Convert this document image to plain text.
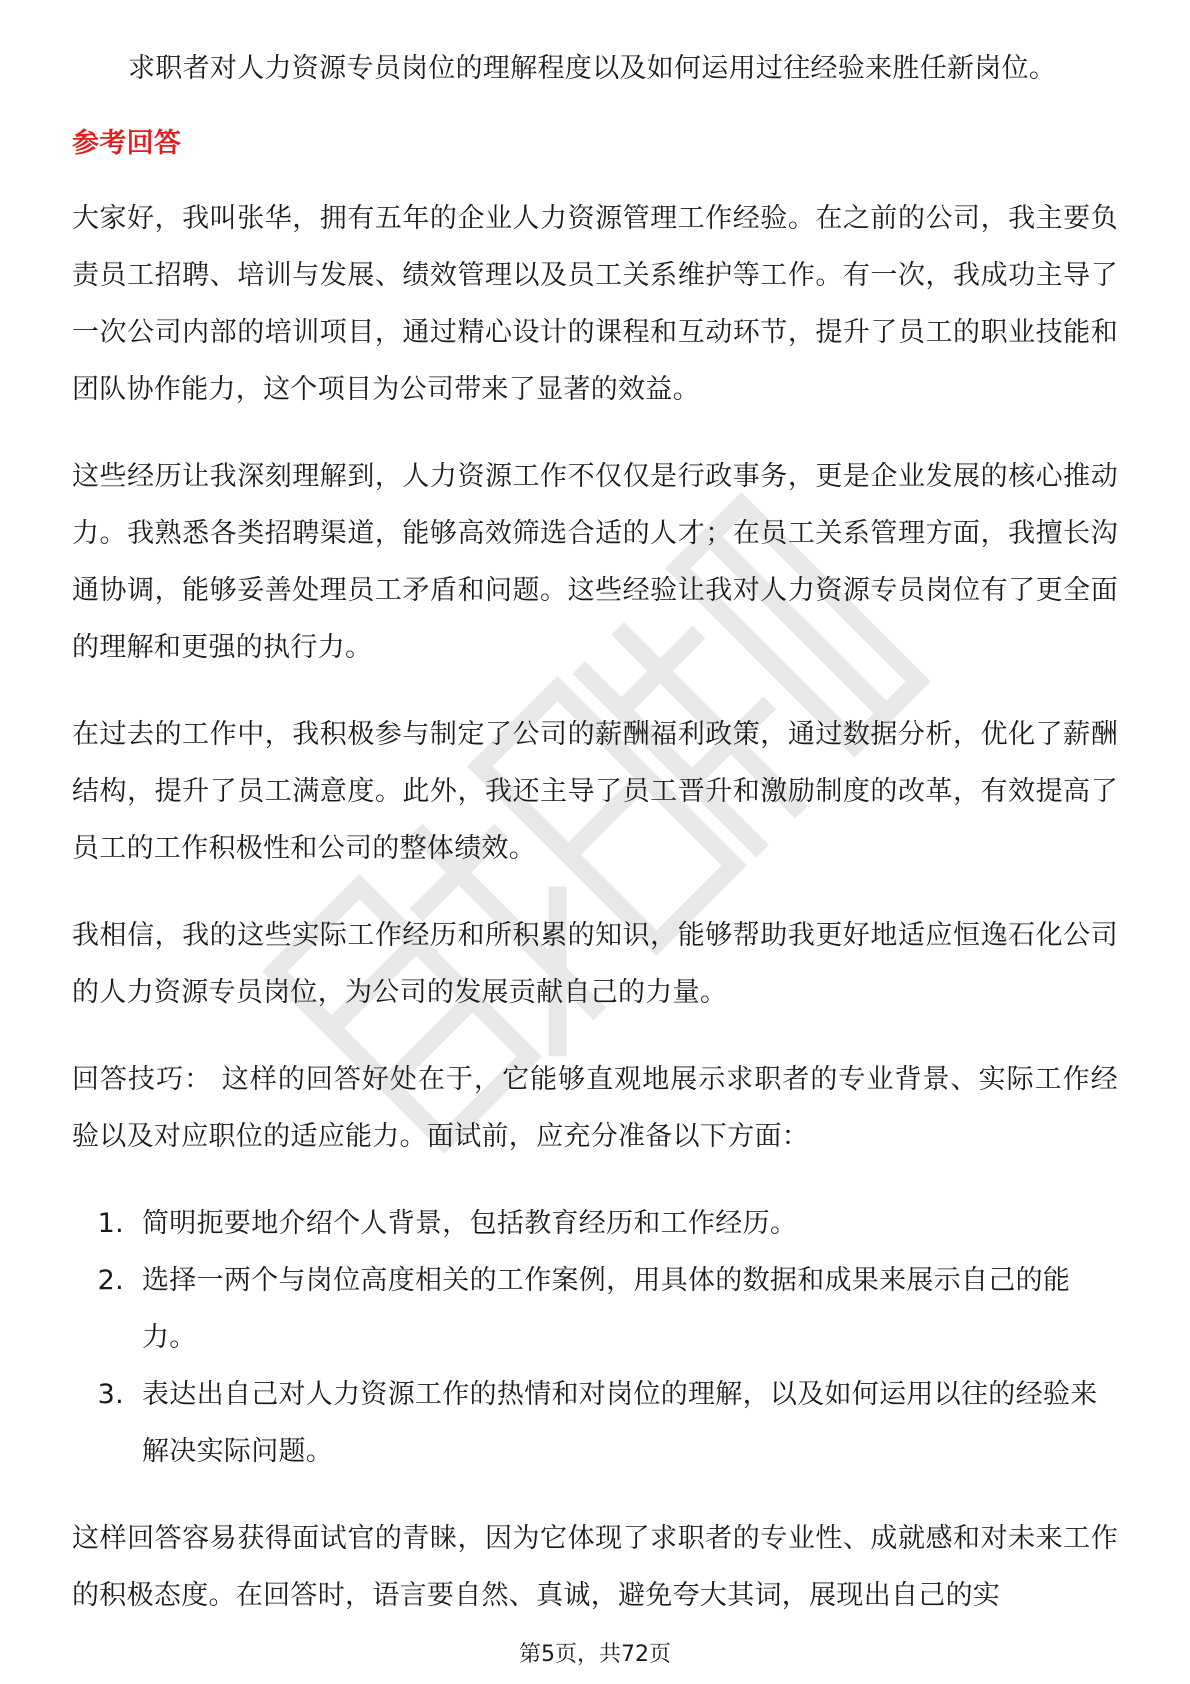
求职者对人力资源专员岗位的理解程度以及如何运用过往经验来胜任新岗位。

参考回答

大家好，我叫张华，拥有五年的企业人力资源管理工作经验。在之前的公司，我主要负责员工招聘、培训与发展、绩效管理以及员工关系维护等工作。有一次，我成功主导了一次公司内部的培训项目，通过精心设计的课程和互动环节，提升了员工的职业技能和团队协作能力，这个项目为公司带来了显著的效益。

这些经历让我深刻理解到，人力资源工作不仅仅是行政事务，更是企业发展的核心推动力。我熟悉各类招聘渠道，能够高效筛选合适的人才；在员工关系管理方面，我擅长沟通协调，能够妥善处理员工矛盾和问题。这些经验让我对人力资源专员岗位有了更全面的理解和更强的执行力。

在过去的工作中，我积极参与制定了公司的薪酬福利政策，通过数据分析，优化了薪酬结构，提升了员工满意度。此外，我还主导了员工晋升和激励制度的改革，有效提高了员工的工作积极性和公司的整体绩效。

我相信，我的这些实际工作经历和所积累的知识，能够帮助我更好地适应恒逸石化公司的人力资源专员岗位，为公司的发展贡献自己的力量。

回答技巧： 这样的回答好处在于，它能够直观地展示求职者的专业背景、实际工作经验以及对应职位的适应能力。面试前，应充分准备以下方面：

1. 简明扼要地介绍个人背景，包括教育经历和工作经历。
2. 选择一两个与岗位高度相关的工作案例，用具体的数据和成果来展示自己的能力。
3. 表达出自己对人力资源工作的热情和对岗位的理解，以及如何运用以往的经验来解决实际问题。

这样回答容易获得面试官的青睐，因为它体现了求职者的专业性、成就感和对未来工作的积极态度。在回答时，语言要自然、真诚，避免夸大其词，展现出自己的实

第5页，共72页
